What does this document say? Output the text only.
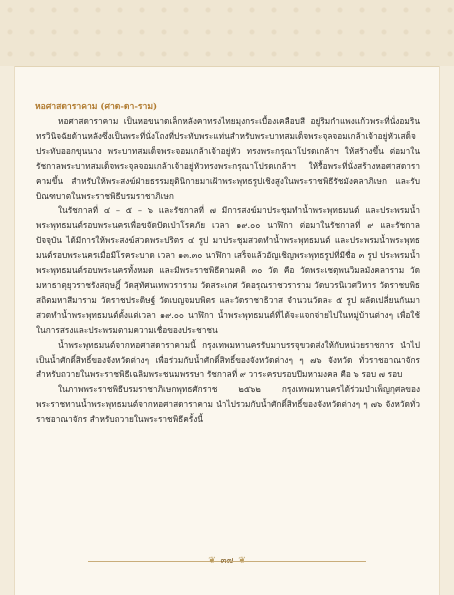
หอศาสดาราคาม (ศาด-ดา-ราม)

หอศาสดาราคาม เป็นหอขนาดเล็กหลังคาทรงไทยมุงกระเบื้องเคลือบสี อยู่ริมกำแพงแก้วพระที่นั่งอมรินทรวินิจฉัยด้านหลังซึ่งเป็นพระที่นั่งโถงที่ประทับพระแท่นสำหรับพระบาทสมเด็จพระจุลจอมเกล้าเจ้าอยู่หัวเสด็จประทับออกขุนนาง พระบาทสมเด็จพระจอมเกล้าเจ้าอยู่หัว ทรงพระกรุณาโปรดเกล้าฯ ให้สร้างขึ้น ต่อมาในรัชกาลพระบาทสมเด็จพระจุลจอมเกล้าเจ้าอยู่หัวทรงพระกรุณาโปรดเกล้าฯ ให้รื้อพระที่นั่งสร้างหอศาสดาราคามขึ้น สำหรับให้พระสงฆ์ฝ่ายธรรมยุตินิกายมาเฝ้าพระพุทธรูปเชิงสูงในพระราชพิธีรัชมังคลาภิเษก และรับบิณฑบาตในพระราชพิธีบรมราชาภิเษก

ในรัชกาลที่ ๔ – ๕ – ๖ และรัชกาลที่ ๗ มีการสงฆ์มาประชุมทำน้ำพระพุทธมนต์ และประพรมน้ำพระพุทธมนต์รอบพระนครเพื่อขจัดปัดเป่าโรคภัย เวลา ๑๙.๐๐ นาฬิกา ต่อมาในรัชกาลที่ ๙ และรัชกาลปัจจุบัน ได้มีการให้พระสงฆ์สวดพระปริตร ๔ รูป มาประชุมสวดทำน้ำพระพุทธมนต์ และประพรมน้ำพระพุทธมนต์รอบพระนครเมื่อมีโรคระบาด เวลา ๑๓.๓๐ นาฬิกา เสร็จแล้วอัญเชิญพระพุทธรูปที่มีชื่อ ๓ รูป ประพรมน้ำพระพุทธมนต์รอบพระนครทั้งหมด และมีพระราชพิธีตามคติ ๓๐ วัด คือ วัดพระเชตุพนวิมลมังคลาราม วัดมหาธาตุยุวราชรังสฤษฎิ์ วัดสุทัศนเทพวราราม วัดสระเกศ วัดอรุณราชวราราม วัดบวรนิเวศวิหาร วัดราชบพิธสถิตมหาสีมาราม วัดราชประดิษฐ์ วัดเบญจมบพิตร และวัดราชาธิวาส จำนวนวัดละ ๕ รูป ผลัดเปลี่ยนกันมาสวดทำน้ำพระพุทธมนต์ตั้งแต่เวลา ๑๙.๐๐ นาฬิกา น้ำพระพุทธมนต์ที่ได้จะแจกจ่ายไปในหมู่บ้านต่างๆ เพื่อใช้ในการสรงและประพรมตามความเชื่อของประชาชน

น้ำพระพุทธมนต์จากหอศาสดาราคามนี้ กรุงเทพมหานครรับมาบรรจุขวดส่งให้กับหน่วยราชการ นำไปเป็นน้ำศักดิ์สิทธิ์ของจังหวัดต่างๆ เพื่อร่วมกับน้ำศักดิ์สิทธิ์ของจังหวัดต่างๆ ๆ ๗๖ จังหวัด ทั่วราชอาณาจักร สำหรับถวายในพระราชพิธีเฉลิมพระชนมพรรษา รัชกาลที่ ๙ วาระครบรอบปีมหามงคล คือ ๖ รอบ ๗ รอบ

ในภาพพระราชพิธีบรมราชาภิเษกพุทธศักราช ๒๕๖๒ กรุงเทพมหานครได้ร่วมบำเพ็ญกุศลของพระราชทานน้ำพระพุทธมนต์จากหอศาสดาราคาม นำไปรวมกับน้ำศักดิ์สิทธิ์ของจังหวัดต่างๆ ๆ ๗๖ จังหวัดทั่วราชอาณาจักร สำหรับถวายในพระราชพิธีครั้งนี้

❦ ๓๗ ❦
